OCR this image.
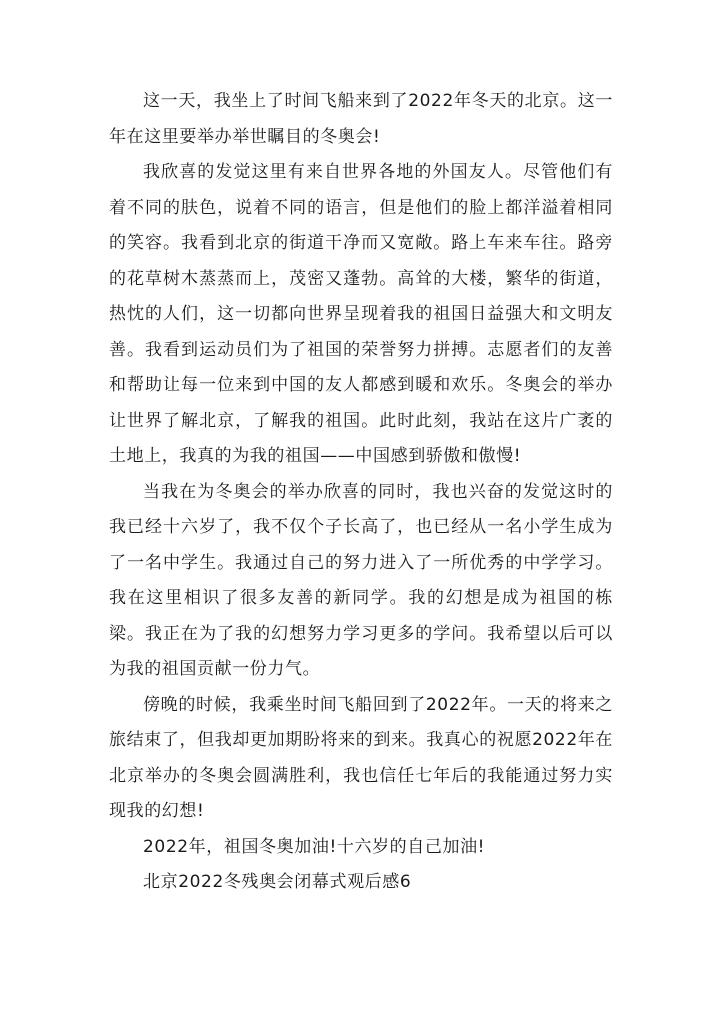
这一天，我坐上了时间飞船来到了2022年冬天的北京。这一年在这里要举办举世瞩目的冬奥会!

我欣喜的发觉这里有来自世界各地的外国友人。尽管他们有着不同的肤色，说着不同的语言，但是他们的脸上都洋溢着相同的笑容。我看到北京的街道干净而又宽敞。路上车来车往。路旁的花草树木蒸蒸而上，茂密又蓬勃。高耸的大楼，繁华的街道，热忱的人们，这一切都向世界呈现着我的祖国日益强大和文明友善。我看到运动员们为了祖国的荣誉努力拼搏。志愿者们的友善和帮助让每一位来到中国的友人都感到暖和欢乐。冬奥会的举办让世界了解北京，了解我的祖国。此时此刻，我站在这片广袤的土地上，我真的为我的祖国——中国感到骄傲和傲慢!

当我在为冬奥会的举办欣喜的同时，我也兴奋的发觉这时的我已经十六岁了，我不仅个子长高了，也已经从一名小学生成为了一名中学生。我通过自己的努力进入了一所优秀的中学学习。我在这里相识了很多友善的新同学。我的幻想是成为祖国的栋梁。我正在为了我的幻想努力学习更多的学问。我希望以后可以为我的祖国贡献一份力气。

傍晚的时候，我乘坐时间飞船回到了2022年。一天的将来之旅结束了，但我却更加期盼将来的到来。我真心的祝愿2022年在北京举办的冬奥会圆满胜利，我也信任七年后的我能通过努力实现我的幻想!

2022年，祖国冬奥加油!十六岁的自己加油!

北京2022冬残奥会闭幕式观后感6
